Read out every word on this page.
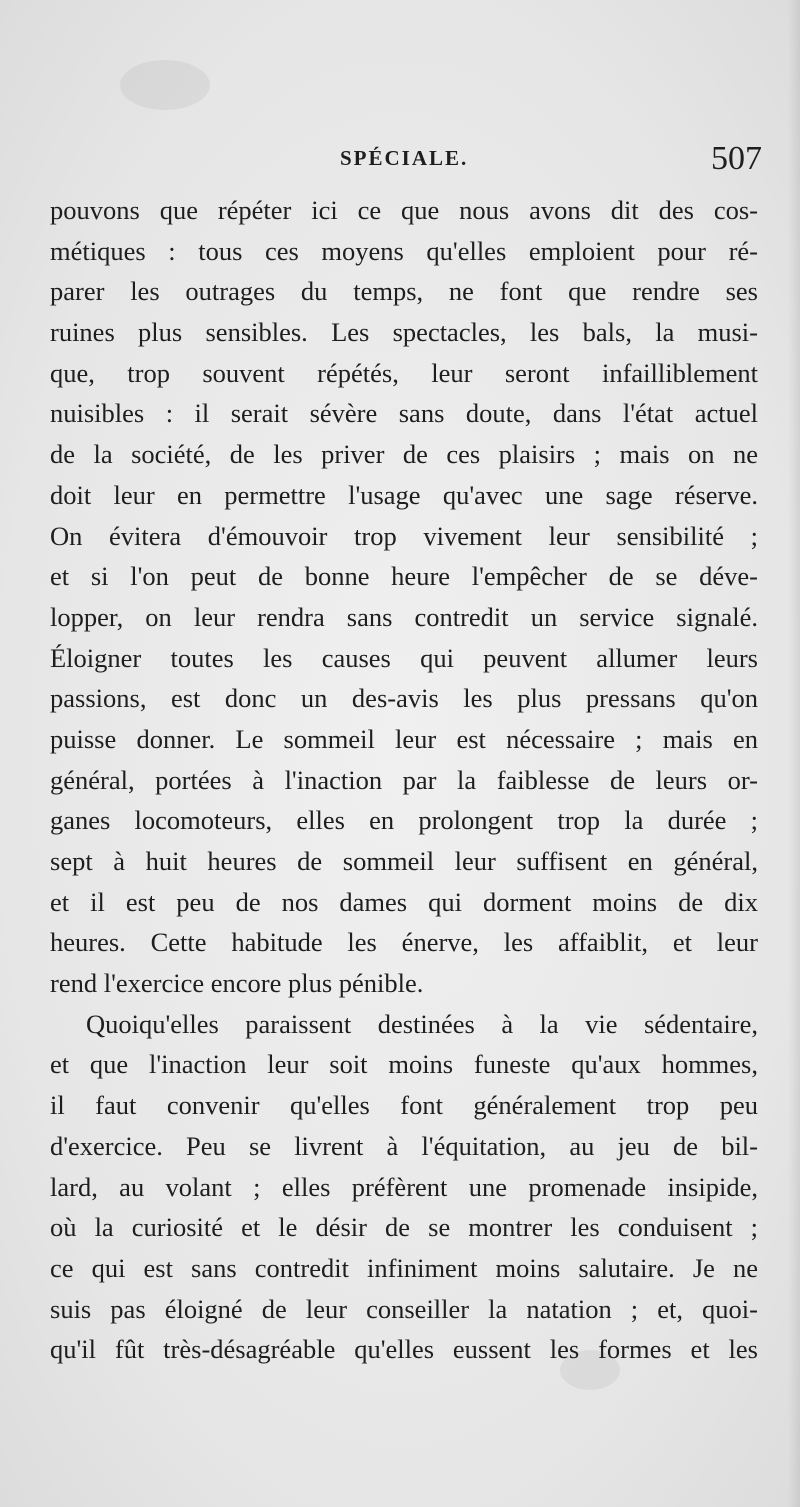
SPÉCIALE.	507
pouvons que répéter ici ce que nous avons dit des cos-
métiques : tous ces moyens qu'elles emploient pour ré-
parer les outrages du temps, ne font que rendre ses
ruines plus sensibles. Les spectacles, les bals, la musi-
que, trop souvent répétés, leur seront infailliblement
nuisibles : il serait sévère sans doute, dans l'état actuel
de la société, de les priver de ces plaisirs ; mais on ne
doit leur en permettre l'usage qu'avec une sage réserve.
On évitera d'émouvoir trop vivement leur sensibilité ;
et si l'on peut de bonne heure l'empêcher de se déve-
lopper, on leur rendra sans contredit un service signalé.
Éloigner toutes les causes qui peuvent allumer leurs
passions, est donc un des-avis les plus pressans qu'on
puisse donner. Le sommeil leur est nécessaire ; mais en
général, portées à l'inaction par la faiblesse de leurs or-
ganes locomoteurs, elles en prolongent trop la durée ;
sept à huit heures de sommeil leur suffisent en général,
et il est peu de nos dames qui dorment moins de dix
heures. Cette habitude les énerve, les affaiblit, et leur
rend l'exercice encore plus pénible.
Quoiqu'elles paraissent destinées à la vie sédentaire,
et que l'inaction leur soit moins funeste qu'aux hommes,
il faut convenir qu'elles font généralement trop peu
d'exercice. Peu se livrent à l'équitation, au jeu de bil-
lard, au volant ; elles préfèrent une promenade insipide,
où la curiosité et le désir de se montrer les conduisent ;
ce qui est sans contredit infiniment moins salutaire. Je ne
suis pas éloigné de leur conseiller la natation ; et, quoi-
qu'il fût très-désagréable qu'elles eussent les formes et les
